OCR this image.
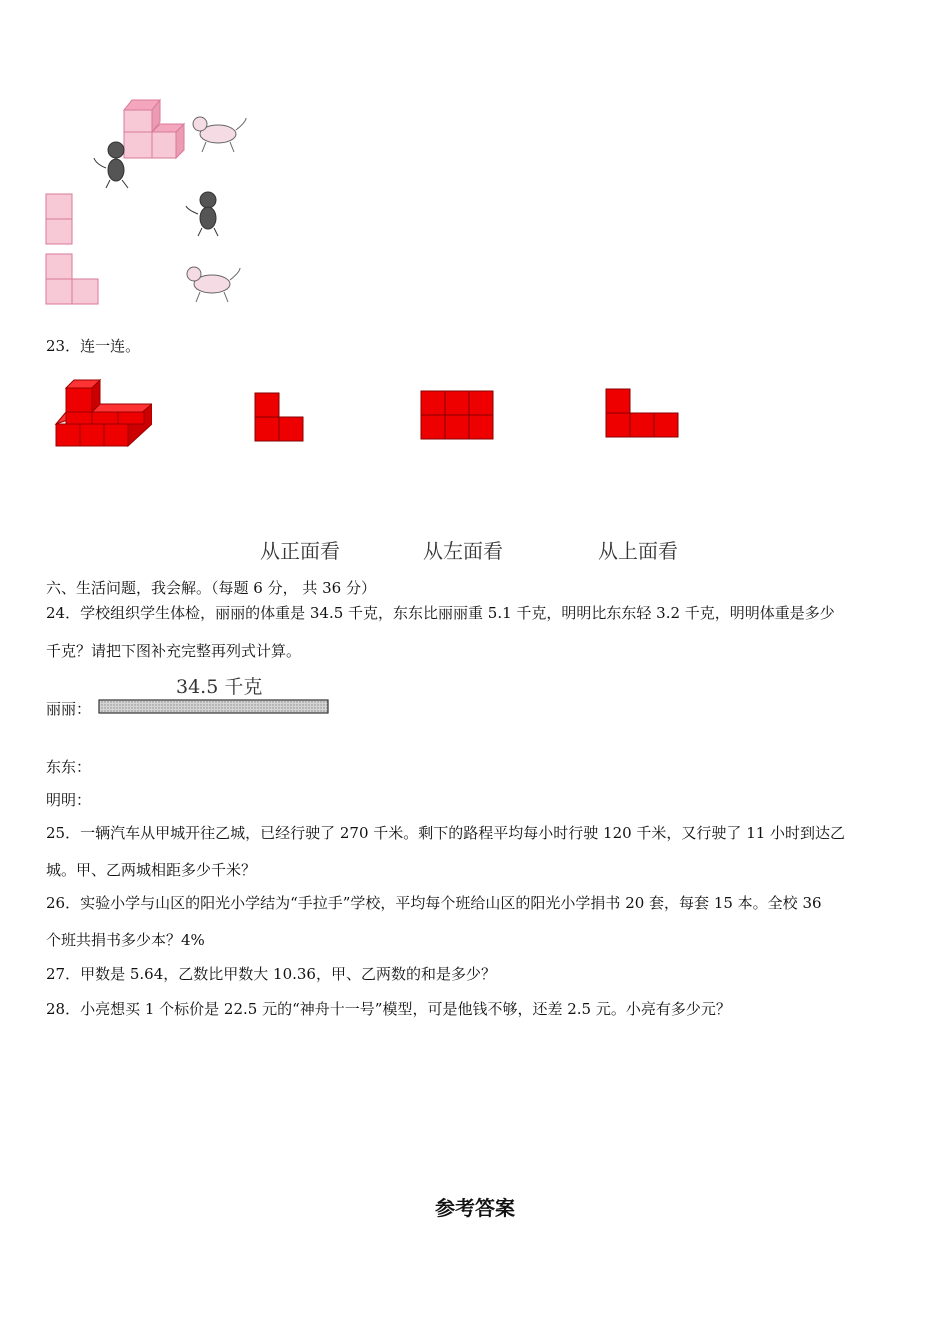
23．连一连。
从正面看	从左面看	从上面看
六、生活问题，我会解。（每题 6 分， 共 36 分）
24．学校组织学生体检，丽丽的体重是 34.5 千克，东东比丽丽重 5.1 千克，明明比东东轻 3.2 千克，明明体重是多少
千克？请把下图补充完整再列式计算。
34.5 千克
丽丽：
东东：
明明：
25．一辆汽车从甲城开往乙城，已经行驶了 270 千米。剩下的路程平均每小时行驶 120 千米，又行驶了 11 小时到达乙
城。甲、乙两城相距多少千米？
26．实验小学与山区的阳光小学结为“手拉手”学校，平均每个班给山区的阳光小学捐书 20 套，每套 15 本。全校 36
个班共捐书多少本？4%
27．甲数是 5.64，乙数比甲数大 10.36，甲、乙两数的和是多少？
28．小亮想买 1 个标价是 22.5 元的“神舟十一号”模型，可是他钱不够，还差 2.5 元。小亮有多少元？
参考答案
